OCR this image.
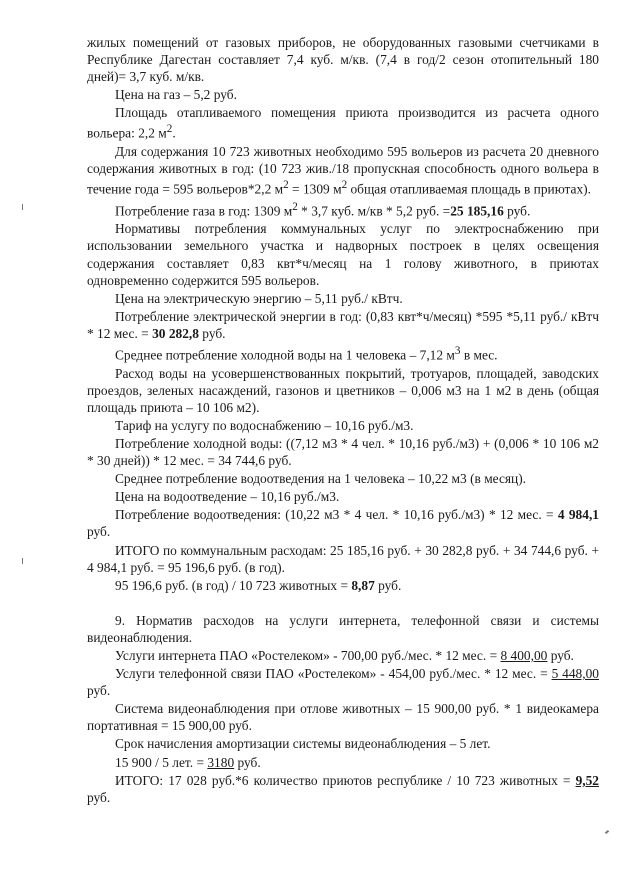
жилых помещений от газовых приборов, не оборудованных газовыми счетчиками в Республике Дагестан составляет 7,4 куб. м/кв. (7,4 в год/2 сезон отопительный 180 дней)= 3,7 куб. м/кв.

Цена на газ – 5,2 руб.

Площадь отапливаемого помещения приюта производится из расчета одного вольера: 2,2 $м^2$.

Для содержания 10 723 животных необходимо 595 вольеров из расчета 20 дневного содержания животных в год: (10 723 жив./18 пропускная способность одного вольера в течение года = 595 вольеров*2,2 $м^2 = 1309$ $м^2$ общая отапливаемая площадь в приютах).

Потребление газа в год: 1309 $м^2 * 3,7$ куб. м/кв * 5,2 руб. =25 185,16 руб.

Нормативы потребления коммунальных услуг по электроснабжению при использовании земельного участка и надворных построек в целях освещения содержания составляет 0,83 квт*ч/месяц на 1 голову животного, в приютах одновременно содержится 595 вольеров.

Цена на электрическую энергию – 5,11 руб./ кВтч.

Потребление электрической энергии в год: (0,83 квт*ч/месяц) *595 *5,11 руб./ кВтч * 12 мес. = 30 282,8 руб.

Среднее потребление холодной воды на 1 человека – 7,12 $м^3$ в мес.

Расход воды на усовершенствованных покрытий, тротуаров, площадей, заводских проездов, зеленых насаждений, газонов и цветников – 0,006 м3 на 1 м2 в день (общая площадь приюта – 10 106 м2).

Тариф на услугу по водоснабжению – 10,16 руб./м3.

Потребление холодной воды: ((7,12 м3 * 4 чел. * 10,16 руб./м3) + (0,006 * 10 106 м2 * 30 дней)) * 12 мес. = 34 744,6 руб.

Среднее потребление водоотведения на 1 человека – 10,22 м3 (в месяц).

Цена на водоотведение – 10,16 руб./м3.

Потребление водоотведения: (10,22 м3 * 4 чел. * 10,16 руб./м3) * 12 мес. = 4 984,1 руб.

ИТОГО по коммунальным расходам: 25 185,16 руб. + 30 282,8 руб. + 34 744,6 руб. + 4 984,1 руб. = 95 196,6 руб. (в год).

95 196,6 руб. (в год) / 10 723 животных = 8,87 руб.

9. Норматив расходов на услуги интернета, телефонной связи и системы видеонаблюдения.

Услуги интернета ПАО «Ростелеком» - 700,00 руб./мес. * 12 мес. = 8 400,00 руб.

Услуги телефонной связи ПАО «Ростелеком» - 454,00 руб./мес. * 12 мес. = 5 448,00 руб.

Система видеонаблюдения при отлове животных – 15 900,00 руб. * 1 видеокамера портативная = 15 900,00 руб.

Срок начисления амортизации системы видеонаблюдения – 5 лет.

15 900 / 5 лет. = 3180 руб.

ИТОГО: 17 028 руб.*6 количество приютов республике / 10 723 животных = 9,52 руб.
